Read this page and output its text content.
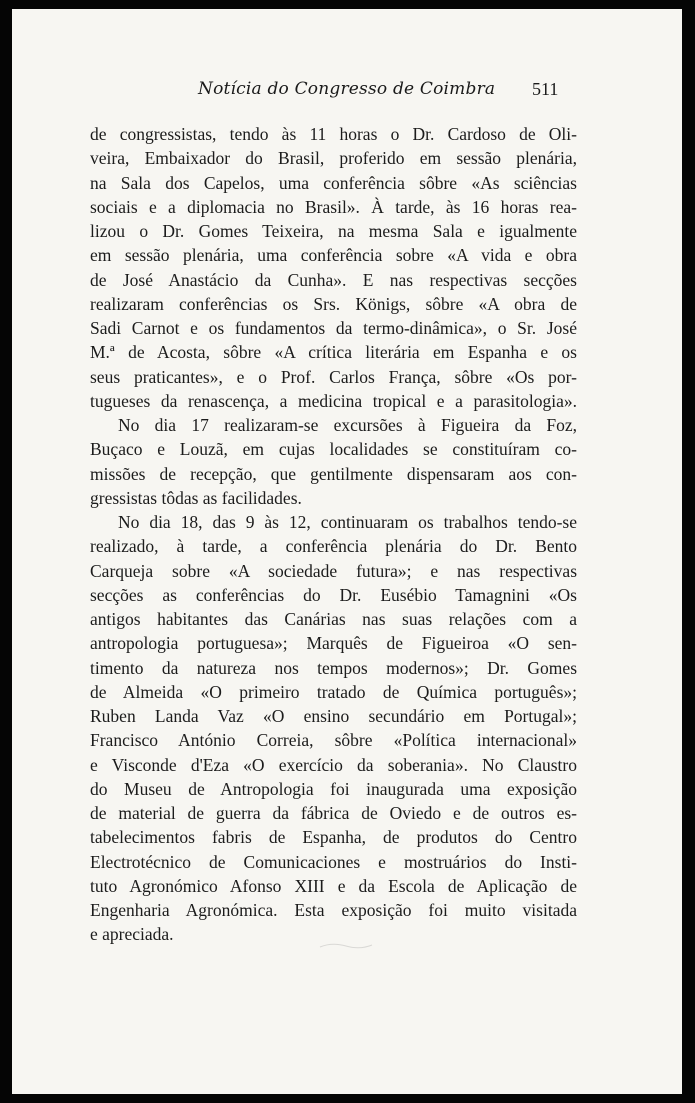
Notícia do Congresso de Coimbra 511
de congressistas, tendo às 11 horas o Dr. Cardoso de Oli-
veira, Embaixador do Brasil, proferido em sessão plenária,
na Sala dos Capelos, uma conferência sôbre «As sciências
sociais e a diplomacia no Brasil». À tarde, às 16 horas rea-
lizou o Dr. Gomes Teixeira, na mesma Sala e igualmente
em sessão plenária, uma conferência sobre «A vida e obra
de José Anastácio da Cunha». E nas respectivas secções
realizaram conferências os Srs. Königs, sôbre «A obra de
Sadi Carnot e os fundamentos da termo-dinâmica», o Sr. José
M.ª de Acosta, sôbre «A crítica literária em Espanha e os
seus praticantes», e o Prof. Carlos França, sôbre «Os por-
tugueses da renascença, a medicina tropical e a parasitologia».
No dia 17 realizaram-se excursões à Figueira da Foz,
Buçaco e Louzã, em cujas localidades se constituíram co-
missões de recepção, que gentilmente dispensaram aos con-
gressistas tôdas as facilidades.
No dia 18, das 9 às 12, continuaram os trabalhos tendo-se
realizado, à tarde, a conferência plenária do Dr. Bento
Carqueja sobre «A sociedade futura»; e nas respectivas
secções as conferências do Dr. Eusébio Tamagnini «Os
antigos habitantes das Canárias nas suas relações com a
antropologia portuguesa»; Marquês de Figueiroa «O sen-
timento da natureza nos tempos modernos»; Dr. Gomes
de Almeida «O primeiro tratado de Química português»;
Ruben Landa Vaz «O ensino secundário em Portugal»;
Francisco António Correia, sôbre «Política internacional»
e Visconde d'Eza «O exercício da soberania». No Claustro
do Museu de Antropologia foi inaugurada uma exposição
de material de guerra da fábrica de Oviedo e de outros es-
tabelecimentos fabris de Espanha, de produtos do Centro
Electrotécnico de Comunicaciones e mostruários do Insti-
tuto Agronómico Afonso XIII e da Escola de Aplicação de
Engenharia Agronómica. Esta exposição foi muito visitada
e apreciada.
